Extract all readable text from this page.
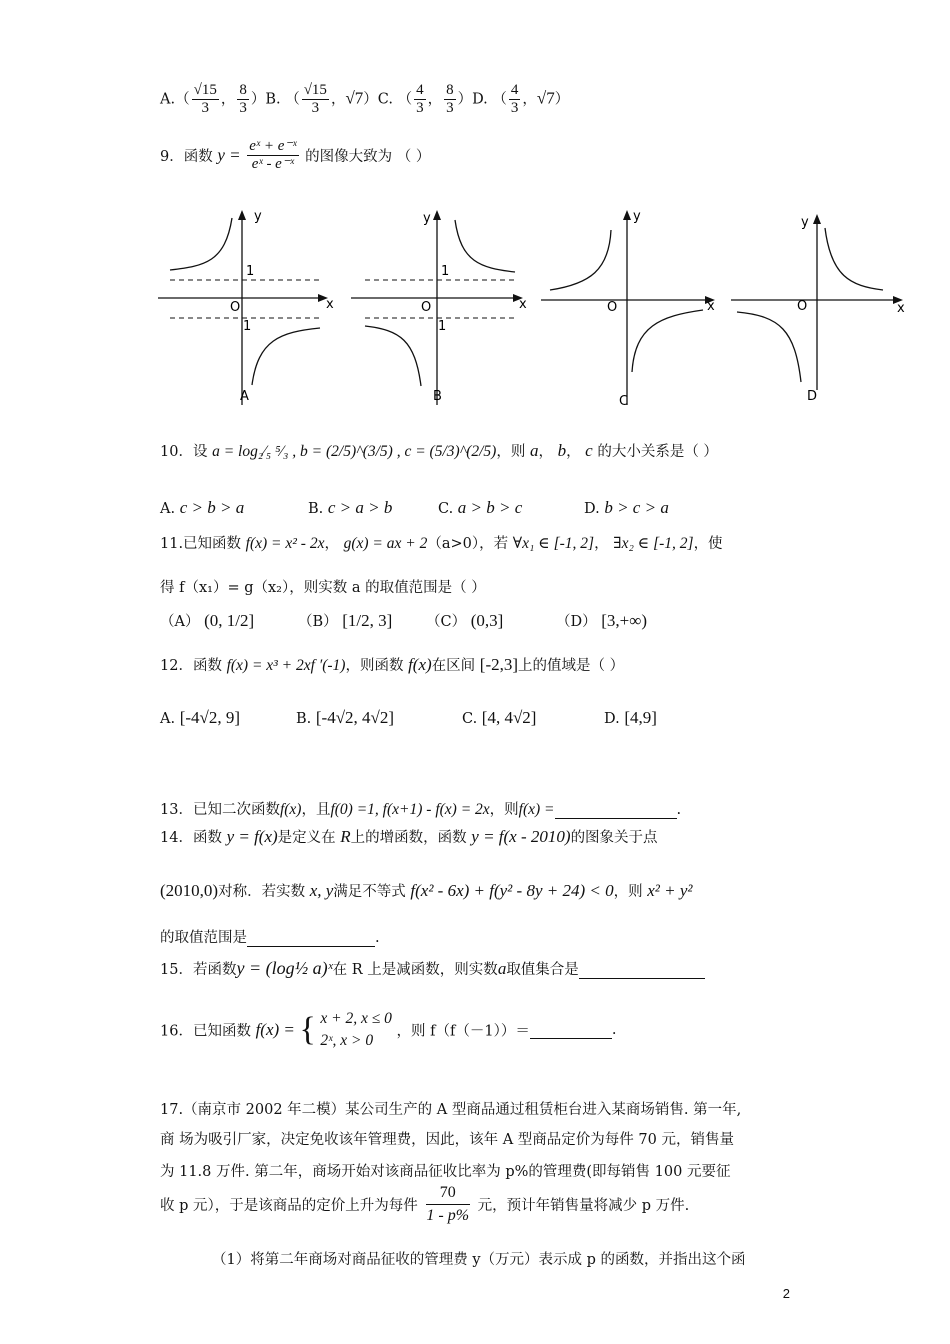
$A.( \frac{√15}{3}$ ， $\frac{8}{3} )B$. （ $\frac{√15}{3}$ ，√7）C. （ $\frac{4}{3}$ ， $\frac{8}{3} )D$. （ $\frac{4}{3}$ ，√7）
9．函数 $y = \frac{\text{eˣ + e⁻ˣ}}{\text{eˣ - e⁻ˣ}}$ 的图像大致为 （ ）
y
x
O
1
1
A
y
x
O
1
1
B
y
x
O
C
y
x
O
D
10．设 a = log₂⁄₅ ⁵⁄₃ , b = (2/5)^(3/5) , c = (5/3)^(2/5)，则 a， b， c 的大小关系是（ ）
A. c > b > a	B. c > a > b	C. a > b > c	D. b > c > a
11.已知函数 f(x) = x² - 2x， g(x) = ax + 2（a>0），若 ∀x₁ ∈ [-1, 2]， ∃x₂ ∈ [-1, 2]，使
得 f（x₁）= g（x₂），则实数 a 的取值范围是（ ）
（A） (0, 1/2]	（B） [1/2, 3] （C） (0,3]	（D） [3,+∞)
12．函数 f(x) = x³ + 2xf ′(-1)，则函数 f(x)在区间 [-2,3]上的值域是（ ）
A. [-4√2, 9]	B. [-4√2, 4√2]	C. [4, 4√2]	D. [4,9]
13．已知二次函数f(x)，且f(0) =1, f(x+1) - f(x) = 2x，则f(x) =	.
14．函数 y = f(x)是定义在 R上的增函数，函数 y = f(x - 2010)的图象关于点
(2010,0)对称．若实数 x, y满足不等式 f(x² - 6x) + f(y² - 8y + 24) < 0，则 x² + y²
的取值范围是	.
15．若函数y = (log½ a)ˣ在 R 上是减函数，则实数a取值集合是
16．已知函数 f(x) = { x + 2, x ≤ 0
2ˣ, x > 0
，则 f（f（－1））＝	.
17.（南京市 2002 年二模）某公司生产的 A 型商品通过租赁柜台进入某商场销售. 第一年,
商 场为吸引厂家，决定免收该年管理费，因此，该年 A 型商品定价为每件 70 元，销售量
为 11.8 万件. 第二年，商场开始对该商品征收比率为 p%的管理费(即每销售 100 元要征
收 p 元），于是该商品的定价上升为每件 $\frac{70}{1 - p\%}$ 元，预计年销售量将减少 p 万件.
（1）将第二年商场对商品征收的管理费 y（万元）表示成 p 的函数，并指出这个函
2
